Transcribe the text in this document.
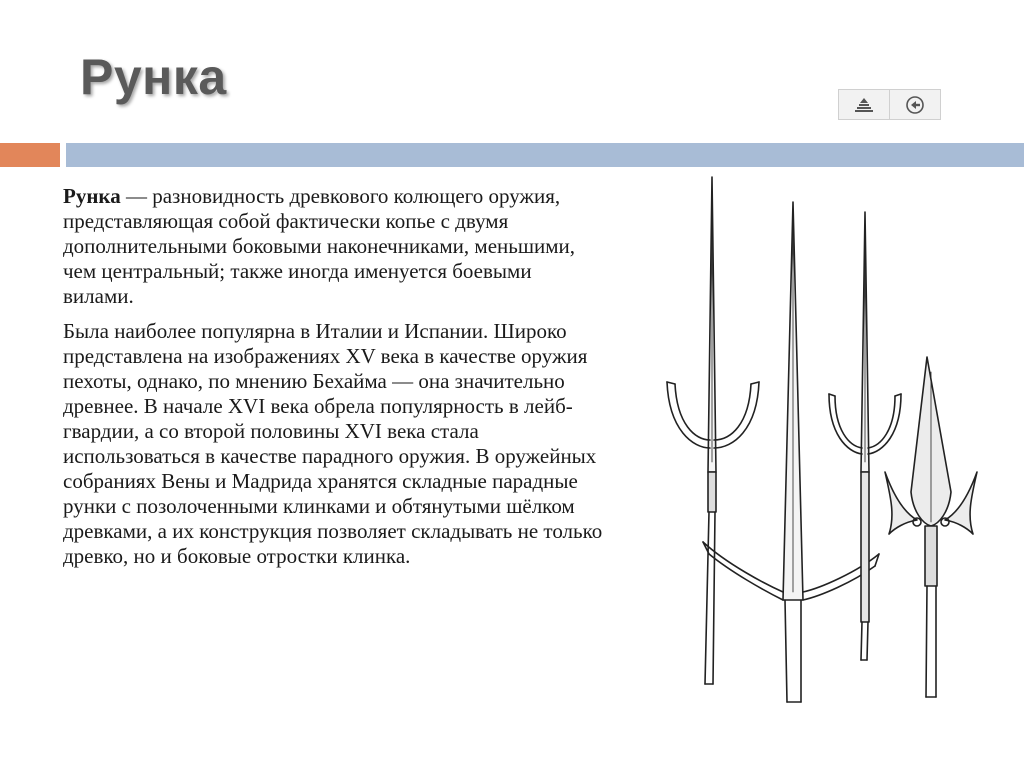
Рунка

Рунка — разновидность древкового колющего оружия, представляющая собой фактически копье с двумя дополнительными боковыми наконечниками, меньшими, чем центральный; также иногда именуется боевыми вилами.

Была наиболее популярна в Италии и Испании. Широко представлена на изображениях XV века в качестве оружия пехоты, однако, по мнению Бехайма — она значительно древнее. В начале XVI века обрела популярность в лейб-гвардии, а со второй половины XVI века стала использоваться в качестве парадного оружия. В оружейных собраниях Вены и Мадрида хранятся складные парадные рунки с позолоченными клинками и обтянутыми шёлком древками, а их конструкция позволяет складывать не только древко, но и боковые отростки клинка.
